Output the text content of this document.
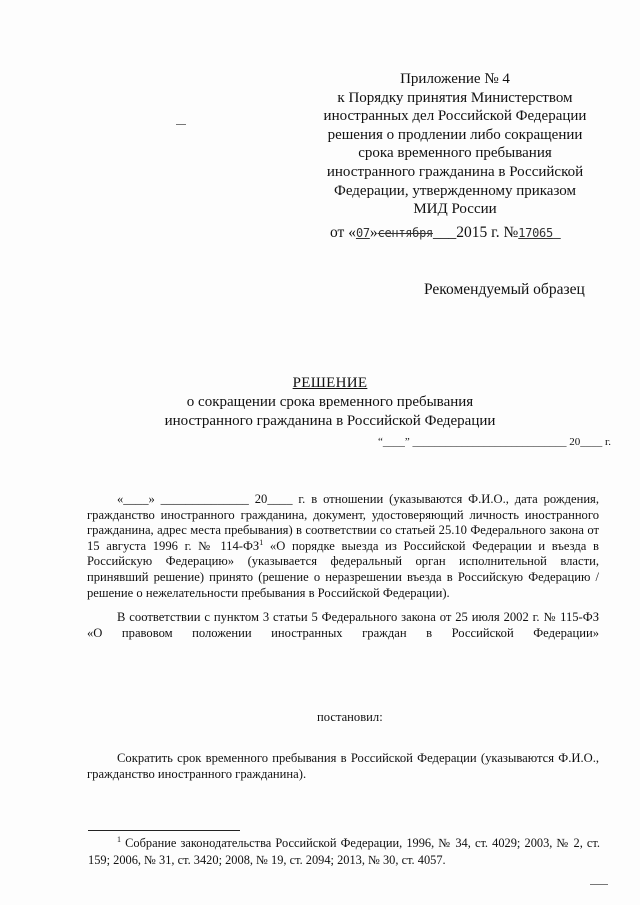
Приложение № 4
к Порядку принятия Министерством
иностранных дел Российской Федерации
решения о продлении либо сокращении
срока временного пребывания
иностранного гражданина в Российской
Федерации, утвержденному приказом
МИД России
от «07»сентября___2015 г. №17065_
Рекомендуемый образец
РЕШЕНИЕ
о сокращении срока временного пребывания
иностранного гражданина в Российской Федерации
“____” ____________________________ 20____ г.
«____» ______________ 20____ г. в отношении (указываются Ф.И.О., дата рождения, гражданство иностранного гражданина, документ, удостоверяющий личность иностранного гражданина, адрес места пребывания) в соответствии со статьей 25.10 Федерального закона от 15 августа 1996 г. № $114-ФЗ^1$ «О порядке выезда из Российской Федерации и въезда в Российскую Федерацию» (указывается федеральный орган исполнительной власти, принявший решение) принято (решение о неразрешении въезда в Российскую Федерацию / решение о нежелательности пребывания в Российской Федерации).
В соответствии с пунктом 3 статьи 5 Федерального закона от 25 июля 2002 г. № 115-ФЗ «О правовом положении иностранных граждан в Российской Федерации»
постановил:
Сократить срок временного пребывания в Российской Федерации (указываются Ф.И.О., гражданство иностранного гражданина).
$^1$ Собрание законодательства Российской Федерации, 1996, № 34, ст. 4029; 2003, № 2, ст. 159; 2006, № 31, ст. 3420; 2008, № 19, ст. 2094; 2013, № 30, ст. 4057.
